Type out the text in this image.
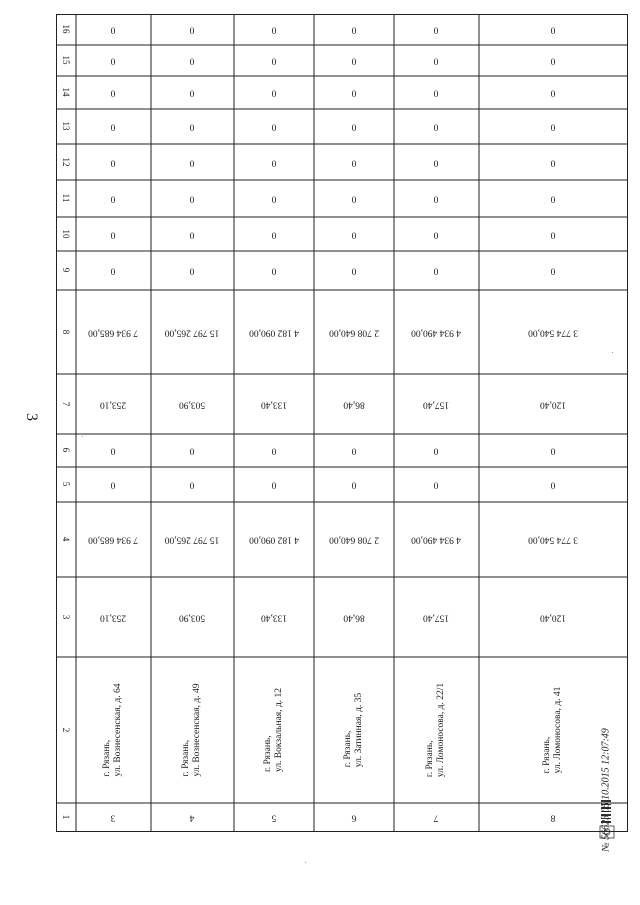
3
1
2
3
4
5
6
7
8
9
10
11
12
13
14
15
16
3
г. Рязань, ул. Вознесенская, д. 64
253,10
7 934 685,00
0
0
253,10
7 934 685,00
0
0
0
0
0
0
0
0
4
г. Рязань, ул. Вознесенская, д. 49
503,90
15 797 265,00
0
0
503,90
15 797 265,00
0
0
0
0
0
0
0
0
5
г. Рязань, ул. Вокзальная, д. 12
133,40
4 182 090,00
0
0
133,40
4 182 090,00
0
0
0
0
0
0
0
0
6
г. Рязань, ул. Затинная, д. 35
86,40
2 708 640,00
0
0
86,40
2 708 640,00
0
0
0
0
0
0
0
0
7
г. Рязань, ул. Ломоносова, д. 22/1
157,40
4 934 490,00
0
0
157,40
4 934 490,00
0
0
0
0
0
0
0
0
8
г. Рязань, ул. Ломоносова, д. 41
120,40
3 774 540,00
0
0
120,40
3 774 540,00
0
0
0
0
0
0
0
0
№ 56623 05.10.2015 12:07:49
